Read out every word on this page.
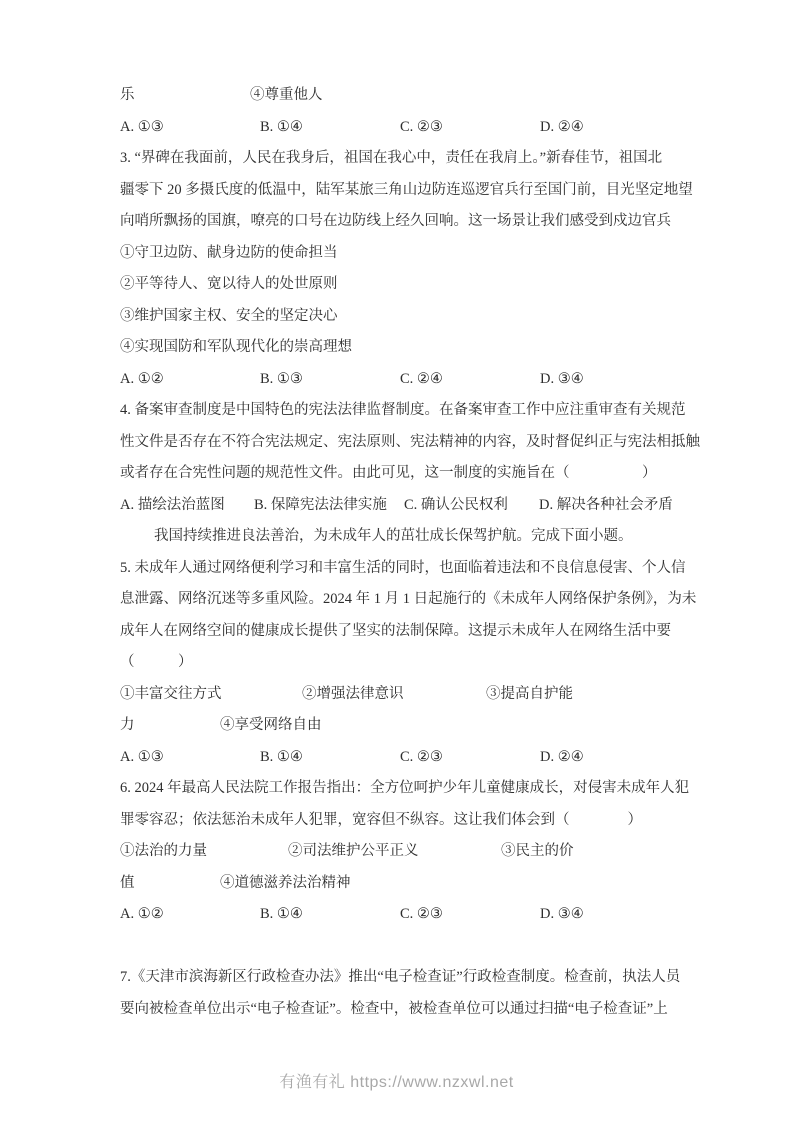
乐	④尊重他人
A. ①③	B. ①④	C. ②③	D. ②④
3. “界碑在我面前，人民在我身后，祖国在我心中，责任在我肩上。”新春佳节，祖国北
疆零下 20 多摄氏度的低温中，陆军某旅三角山边防连巡逻官兵行至国门前，目光坚定地望
向哨所飘扬的国旗，嘹亮的口号在边防线上经久回响。这一场景让我们感受到戍边官兵
①守卫边防、献身边防的使命担当
②平等待人、宽以待人的处世原则
③维护国家主权、安全的坚定决心
④实现国防和军队现代化的崇高理想
A. ①②	B. ①③	C. ②④	D. ③④
4. 备案审查制度是中国特色的宪法法律监督制度。在备案审查工作中应注重审查有关规范
性文件是否存在不符合宪法规定、宪法原则、宪法精神的内容，及时督促纠正与宪法相抵触
或者存在合宪性问题的规范性文件。由此可见，这一制度的实施旨在（　　　　　）
A. 描绘法治蓝图	B. 保障宪法法律实施	C. 确认公民权利	D. 解决各种社会矛盾
我国持续推进良法善治，为未成年人的茁壮成长保驾护航。完成下面小题。
5. 未成年人通过网络便利学习和丰富生活的同时，也面临着违法和不良信息侵害、个人信
息泄露、网络沉迷等多重风险。2024 年 1 月 1 日起施行的《未成年人网络保护条例》，为未
成年人在网络空间的健康成长提供了坚实的法制保障。这提示未成年人在网络生活中要
（　　　）
①丰富交往方式	②增强法律意识	③提高自护能
力	④享受网络自由
A. ①③	B. ①④	C. ②③	D. ②④
6. 2024 年最高人民法院工作报告指出：全方位呵护少年儿童健康成长，对侵害未成年人犯
罪零容忍；依法惩治未成年人犯罪，宽容但不纵容。这让我们体会到（　　　　）
①法治的力量	②司法维护公平正义	③民主的价
值	④道德滋养法治精神
A. ①②	B. ①④	C. ②③	D. ③④
7.《天津市滨海新区行政检查办法》推出“电子检查证”行政检查制度。检查前，执法人员
要向被检查单位出示“电子检查证”。检查中，被检查单位可以通过扫描“电子检查证”上
有渔有礼 https://www.nzxwl.net
